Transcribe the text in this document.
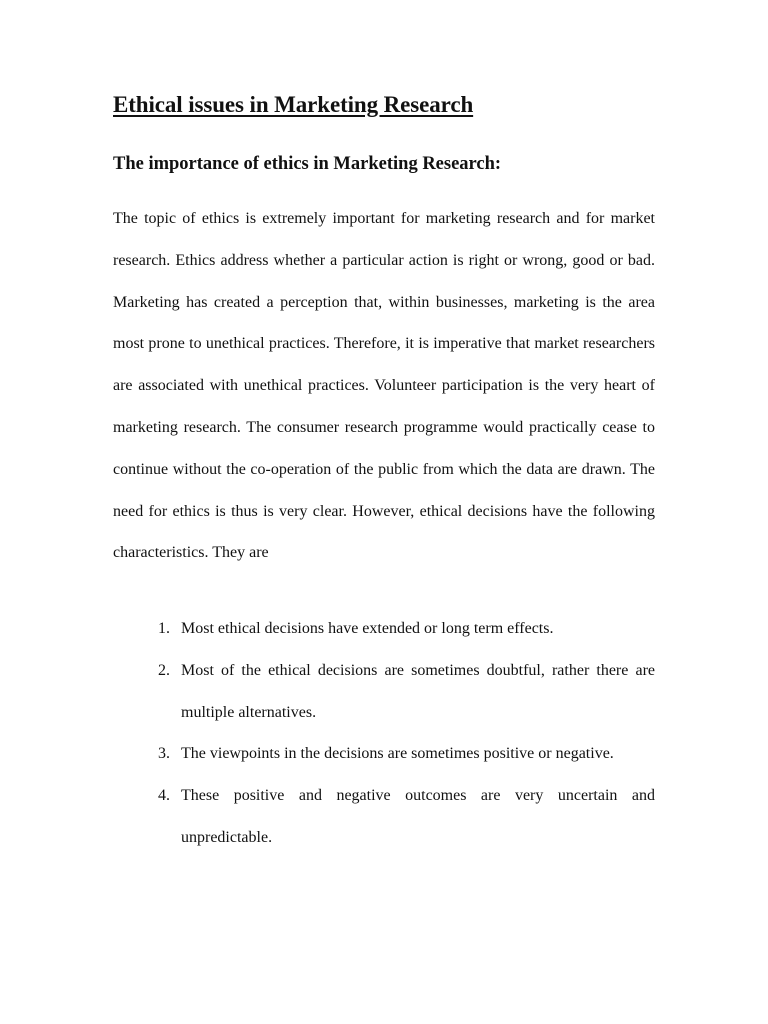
Ethical issues in Marketing Research
The importance of ethics in Marketing Research:

The topic of ethics is extremely important for marketing research and for market research. Ethics address whether a particular action is right or wrong, good or bad. Marketing has created a perception that, within businesses, marketing is the area most prone to unethical practices. Therefore, it is imperative that market researchers are associated with unethical practices. Volunteer participation is the very heart of marketing research. The consumer research programme would practically cease to continue without the co-operation of the public from which the data are drawn. The need for ethics is thus is very clear. However, ethical decisions have the following characteristics. They are

1. Most ethical decisions have extended or long term effects.
2. Most of the ethical decisions are sometimes doubtful, rather there are multiple alternatives.
3. The viewpoints in the decisions are sometimes positive or negative.
4. These positive and negative outcomes are very uncertain and unpredictable.
